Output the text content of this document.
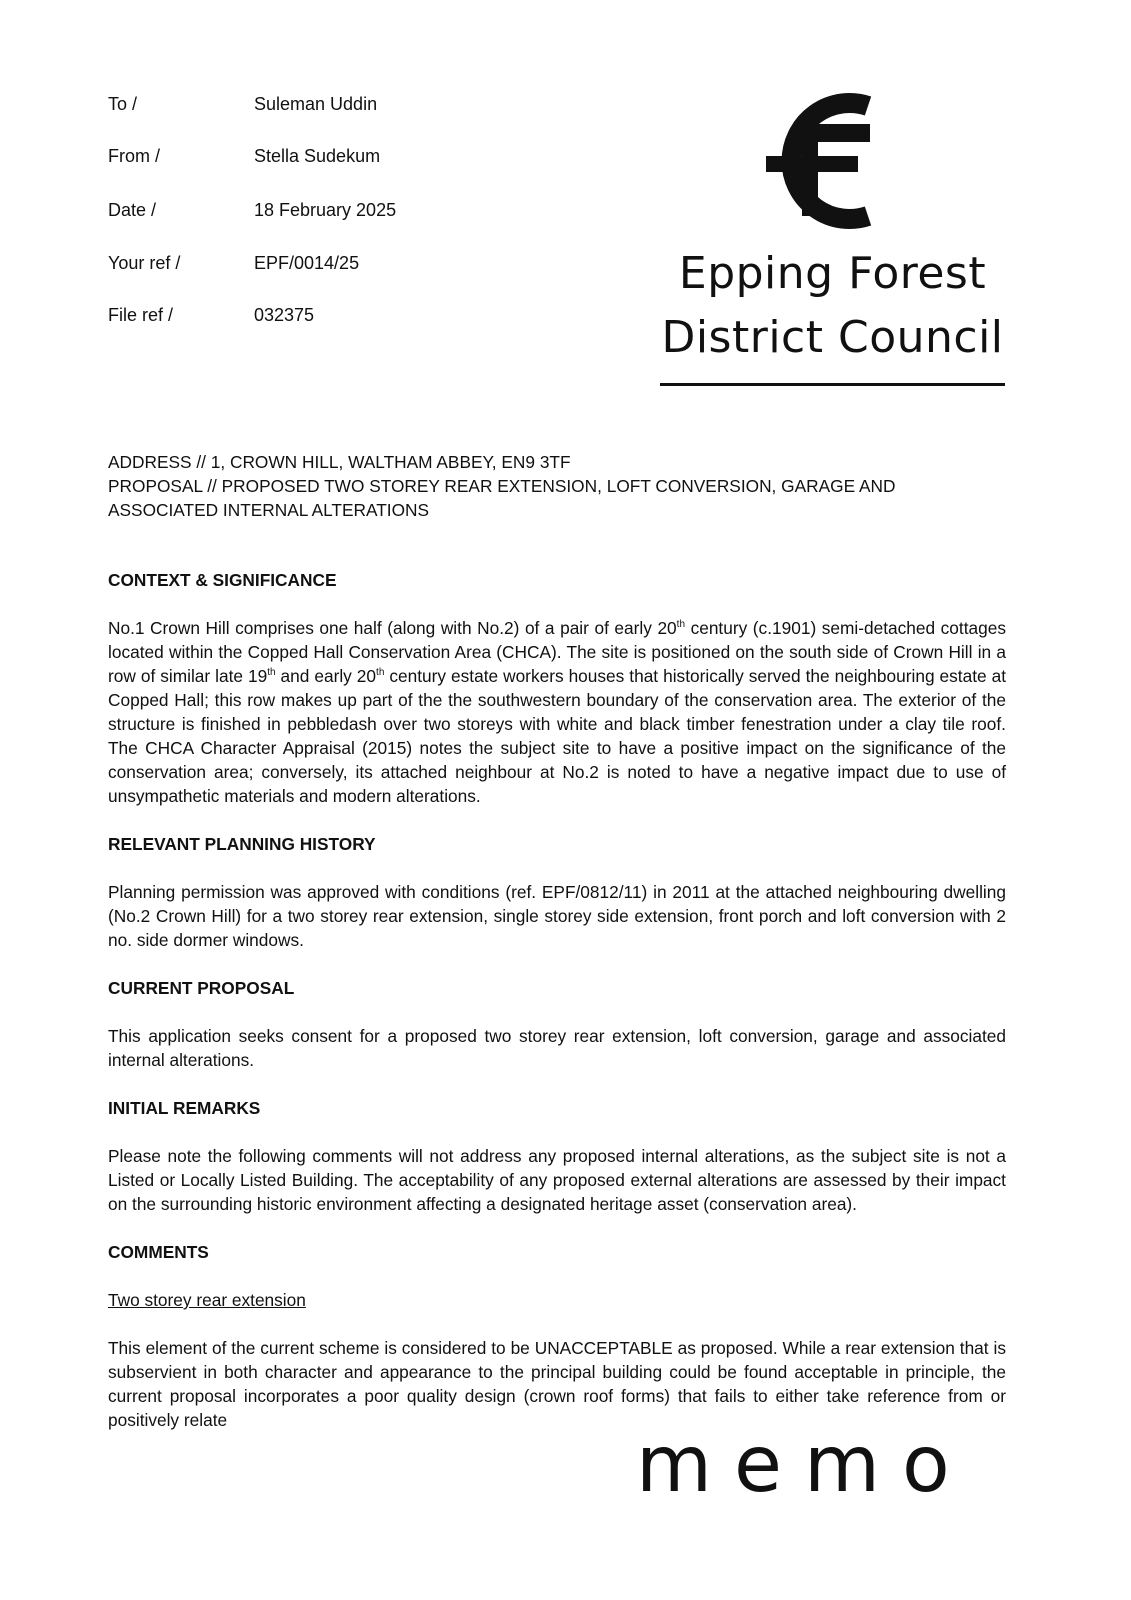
To /	Suleman Uddin
From /	Stella Sudekum
Date /	18 February 2025
Your ref /	EPF/0014/25
File ref /	032375
Epping Forest
District Council

ADDRESS // 1, CROWN HILL, WALTHAM ABBEY, EN9 3TF

PROPOSAL // PROPOSED TWO STOREY REAR EXTENSION, LOFT CONVERSION, GARAGE AND ASSOCIATED INTERNAL ALTERATIONS

CONTEXT & SIGNIFICANCE

No.1 Crown Hill comprises one half (along with No.2) of a pair of early 20th century (c.1901) semi-detached cottages located within the Copped Hall Conservation Area (CHCA). The site is positioned on the south side of Crown Hill in a row of similar late 19th and early 20th century estate workers houses that historically served the neighbouring estate at Copped Hall; this row makes up part of the the southwestern boundary of the conservation area. The exterior of the structure is finished in pebbledash over two storeys with white and black timber fenestration under a clay tile roof. The CHCA Character Appraisal (2015) notes the subject site to have a positive impact on the significance of the conservation area; conversely, its attached neighbour at No.2 is noted to have a negative impact due to use of unsympathetic materials and modern alterations.

RELEVANT PLANNING HISTORY

Planning permission was approved with conditions (ref. EPF/0812/11) in 2011 at the attached neighbouring dwelling (No.2 Crown Hill) for a two storey rear extension, single storey side extension, front porch and loft conversion with 2 no. side dormer windows.

CURRENT PROPOSAL

This application seeks consent for a proposed two storey rear extension, loft conversion, garage and associated internal alterations.

INITIAL REMARKS

Please note the following comments will not address any proposed internal alterations, as the subject site is not a Listed or Locally Listed Building. The acceptability of any proposed external alterations are assessed by their impact on the surrounding historic environment affecting a designated heritage asset (conservation area).

COMMENTS

Two storey rear extension

This element of the current scheme is considered to be UNACCEPTABLE as proposed. While a rear extension that is subservient in both character and appearance to the principal building could be found acceptable in principle, the current proposal incorporates a poor quality design (crown roof forms) that fails to either take reference from or positively relate	memo
